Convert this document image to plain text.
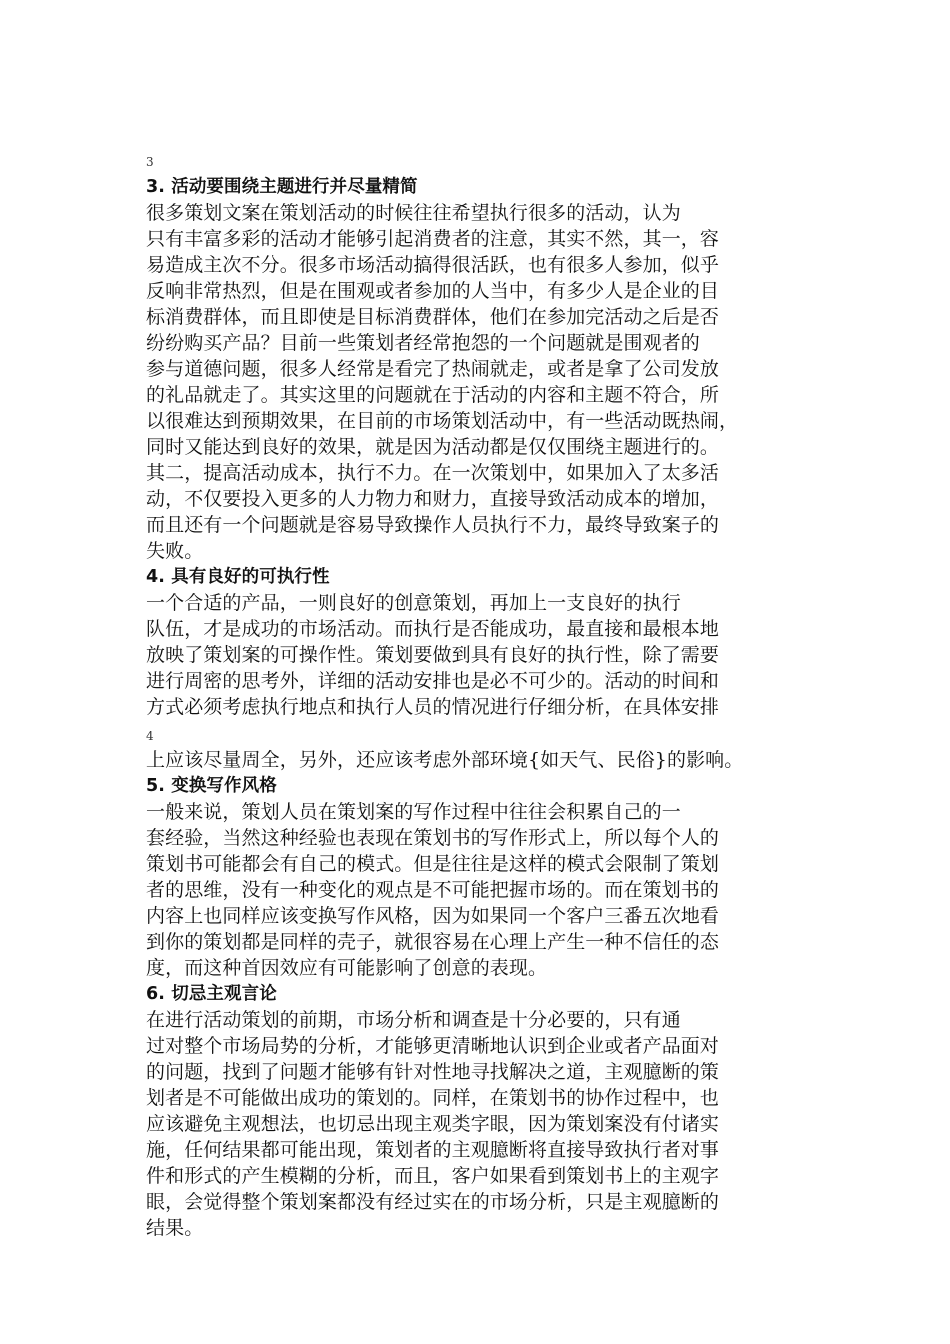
3
3. 活动要围绕主题进行并尽量精简
很多策划文案在策划活动的时候往往希望执行很多的活动，认为
只有丰富多彩的活动才能够引起消费者的注意，其实不然，其一，容
易造成主次不分。很多市场活动搞得很活跃，也有很多人参加，似乎
反响非常热烈，但是在围观或者参加的人当中，有多少人是企业的目
标消费群体，而且即使是目标消费群体，他们在参加完活动之后是否
纷纷购买产品？目前一些策划者经常抱怨的一个问题就是围观者的
参与道德问题，很多人经常是看完了热闹就走，或者是拿了公司发放
的礼品就走了。其实这里的问题就在于活动的内容和主题不符合，所
以很难达到预期效果，在目前的市场策划活动中，有一些活动既热闹，
同时又能达到良好的效果，就是因为活动都是仅仅围绕主题进行的。
其二，提高活动成本，执行不力。在一次策划中，如果加入了太多活
动，不仅要投入更多的人力物力和财力，直接导致活动成本的增加，
而且还有一个问题就是容易导致操作人员执行不力，最终导致案子的
失败。
4. 具有良好的可执行性
一个合适的产品，一则良好的创意策划，再加上一支良好的执行
队伍，才是成功的市场活动。而执行是否能成功，最直接和最根本地
放映了策划案的可操作性。策划要做到具有良好的执行性，除了需要
进行周密的思考外，详细的活动安排也是必不可少的。活动的时间和
方式必须考虑执行地点和执行人员的情况进行仔细分析，在具体安排
4
上应该尽量周全，另外，还应该考虑外部环境{如天气、民俗}的影响。
5. 变换写作风格
一般来说，策划人员在策划案的写作过程中往往会积累自己的一
套经验，当然这种经验也表现在策划书的写作形式上，所以每个人的
策划书可能都会有自己的模式。但是往往是这样的模式会限制了策划
者的思维，没有一种变化的观点是不可能把握市场的。而在策划书的
内容上也同样应该变换写作风格，因为如果同一个客户三番五次地看
到你的策划都是同样的壳子，就很容易在心理上产生一种不信任的态
度，而这种首因效应有可能影响了创意的表现。
6. 切忌主观言论
在进行活动策划的前期，市场分析和调查是十分必要的，只有通
过对整个市场局势的分析，才能够更清晰地认识到企业或者产品面对
的问题，找到了问题才能够有针对性地寻找解决之道，主观臆断的策
划者是不可能做出成功的策划的。同样，在策划书的协作过程中，也
应该避免主观想法，也切忌出现主观类字眼，因为策划案没有付诸实
施，任何结果都可能出现，策划者的主观臆断将直接导致执行者对事
件和形式的产生模糊的分析，而且，客户如果看到策划书上的主观字
眼，会觉得整个策划案都没有经过实在的市场分析，只是主观臆断的
结果。
